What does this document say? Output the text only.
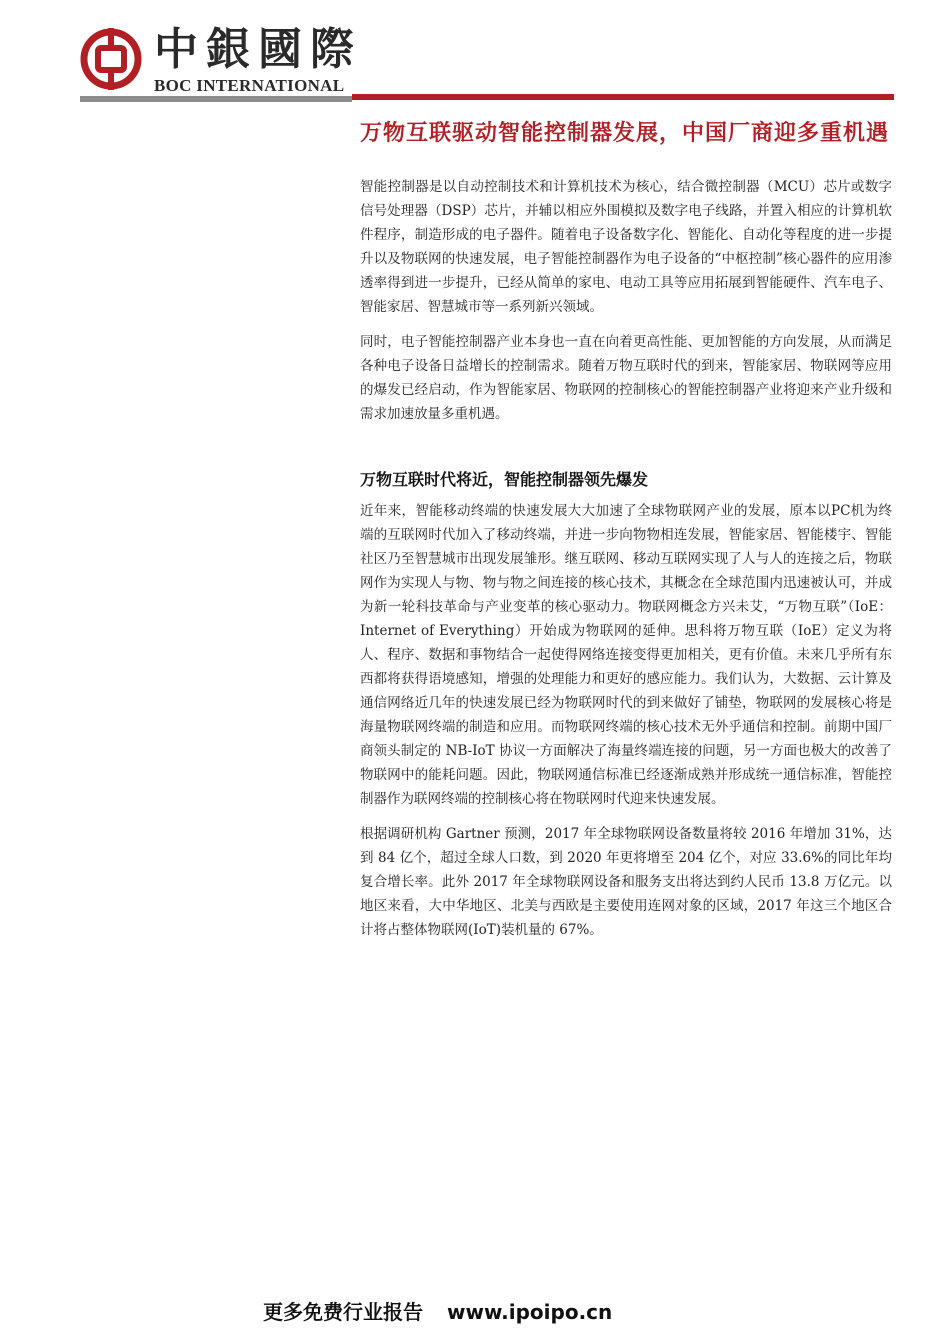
中銀國際
BOC INTERNATIONAL
万物互联驱动智能控制器发展，中国厂商迎多重机遇

智能控制器是以自动控制技术和计算机技术为核心，结合微控制器（MCU）芯片或数字信号处理器（DSP）芯片，并辅以相应外围模拟及数字电子线路，并置入相应的计算机软件程序，制造形成的电子器件。随着电子设备数字化、智能化、自动化等程度的进一步提升以及物联网的快速发展，电子智能控制器作为电子设备的“中枢控制”核心器件的应用渗透率得到进一步提升，已经从简单的家电、电动工具等应用拓展到智能硬件、汽车电子、智能家居、智慧城市等一系列新兴领域。

同时，电子智能控制器产业本身也一直在向着更高性能、更加智能的方向发展，从而满足各种电子设备日益增长的控制需求。随着万物互联时代的到来，智能家居、物联网等应用的爆发已经启动，作为智能家居、物联网的控制核心的智能控制器产业将迎来产业升级和需求加速放量多重机遇。

万物互联时代将近，智能控制器领先爆发

近年来，智能移动终端的快速发展大大加速了全球物联网产业的发展，原本以PC机为终端的互联网时代加入了移动终端，并进一步向物物相连发展，智能家居、智能楼宇、智能社区乃至智慧城市出现发展雏形。继互联网、移动互联网实现了人与人的连接之后，物联网作为实现人与物、物与物之间连接的核心技术，其概念在全球范围内迅速被认可，并成为新一轮科技革命与产业变革的核心驱动力。物联网概念方兴未艾，“万物互联”（IoE：Internet of Everything）开始成为物联网的延伸。思科将万物互联（IoE）定义为将人、程序、数据和事物结合一起使得网络连接变得更加相关，更有价值。未来几乎所有东西都将获得语境感知，增强的处理能力和更好的感应能力。我们认为，大数据、云计算及通信网络近几年的快速发展已经为物联网时代的到来做好了铺垫，物联网的发展核心将是海量物联网终端的制造和应用。而物联网终端的核心技术无外乎通信和控制。前期中国厂商领头制定的 NB-IoT 协议一方面解决了海量终端连接的问题，另一方面也极大的改善了物联网中的能耗问题。因此，物联网通信标准已经逐渐成熟并形成统一通信标准，智能控制器作为联网终端的控制核心将在物联网时代迎来快速发展。

根据调研机构 Gartner 预测，2017 年全球物联网设备数量将较 2016 年增加 31%，达到 84 亿个，超过全球人口数，到 2020 年更将增至 204 亿个，对应 33.6%的同比年均复合增长率。此外 2017 年全球物联网设备和服务支出将达到约人民币 13.8 万亿元。以地区来看，大中华地区、北美与西欧是主要使用连网对象的区域，2017 年这三个地区合计将占整体物联网(IoT)装机量的 67%。

更多免费行业报告 www.ipoipo.cn
